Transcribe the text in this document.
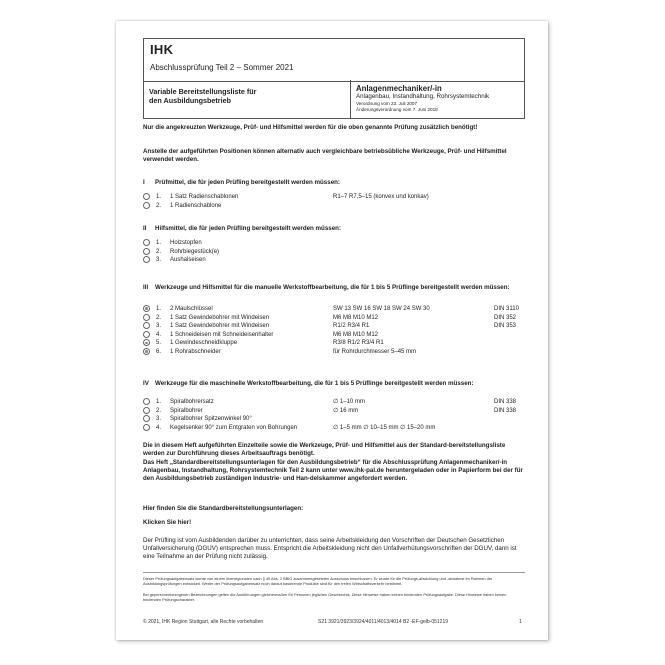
IHK
Abschlussprüfung Teil 2 – Sommer 2021
Variable Bereitstellungsliste für
den Ausbildungsbetrieb
Anlagenmechaniker/-in
Anlagenbau, Instandhaltung, Rohrsystemtechnik
Verordnung vom 23. Juli 2007
Änderungsverordnung vom 7. Juni 2018
Nur die angekreuzten Werkzeuge, Prüf- und Hilfsmittel werden für die oben genannte Prüfung zusätzlich benötigt!
Anstelle der aufgeführten Positionen können alternativ auch vergleichbare betriebsübliche Werkzeuge, Prüf- und Hilfsmittel verwendet werden.
I Prüfmittel, die für jeden Prüfling bereitgestellt werden müssen:
1. 1 Satz Radienschablonen	R1–7 R7,5–15 (konvex und konkav)
2. 1 Radienschablone
II Hilfsmittel, die für jeden Prüfling bereitgestellt werden müssen:
1. Holzstopfen
2. Rohrbiegestück(e)
3. Aushalseisen
III Werkzeuge und Hilfsmittel für die manuelle Werkstoffbearbeitung, die für 1 bis 5 Prüflinge bereitgestellt werden müssen:
1. 2 Maulschlüssel	SW 13 SW 16 SW 18 SW 24 SW 30	DIN 3110
2. 1 Satz Gewindebohrer mit Windeisen	M6 M8 M10 M12	DIN 352
3. 1 Satz Gewindebohrer mit Windeisen	R1/2 R3/4 R1	DIN 353
4. 1 Schneideisen mit Schneideisenhalter	M6 M8 M10 M12
5. 1 Gewindeschneidkluppe	R3/8 R1/2 R3/4 R1
6. 1 Rohrabschneider	für Rohrdurchmesser 5–45 mm
IV Werkzeuge für die maschinelle Werkstoffbearbeitung, die für 1 bis 5 Prüflinge bereitgestellt werden müssen:
1. Spiralbohrersatz	∅ 1–10 mm	DIN 338
2. Spiralbohrer	∅ 16 mm	DIN 338
3. Spiralbohrer Spitzenwinkel 90°
4. Kegelsenker 90° zum Entgraten von Bohrungen	∅ 1–5 mm ∅ 10–15 mm ∅ 15–20 mm
Die in diesem Heft aufgeführten Einzelteile sowie die Werkzeuge, Prüf- und Hilfsmittel aus der Standard-bereitstellungsliste werden zur Durchführung dieses Arbeitsauftrags benötigt.
Das Heft „Standardbereitstellungsunterlagen für den Ausbildungsbetrieb“ für die Abschlussprüfung Anlagenmechaniker/-in Anlagenbau, Instandhaltung, Rohrsystemtechnik Teil 2 kann unter www.ihk-pal.de heruntergeladen oder in Papierform bei der für den Ausbildungsbetrieb zuständigen Industrie- und Han-delskammer angefordert werden.
Hier finden Sie die Standardbereitstellungsunterlagen:
Klicken Sie hier!
Der Prüfling ist vom Ausbildenden darüber zu unterrichten, dass seine Arbeitskleidung den Vorschriften der Deutschen Gesetzlichen Unfallversicherung (DGUV) entsprechen muss. Entspricht die Arbeitskleidung nicht den Unfallverhütungsvorschriften der DGUV, dann ist eine Teilnahme an der Prüfung nicht zulässig.
Dieser Prüfungsaufgabensatz wurde von einem überregionalen nach § 40 Abs. 2 BBiG zusammengesetzten Ausschuss beschlossen. Er wurde für die Prüfungs-abwicklung und -abnahme im Rahmen der Ausbildungsprüfungen entwickelt. Weder der Prüfungsaufgabensatz noch darauf basierende Produkte sind für den freien Wirtschaftsverkehr bestimmt.
Bei gepersonenbezogenen Bezeichnungen gelten die Ausführungen gleichermaßen für Personen jeglichen Geschlechts. Diese Hinweise haben keinen bindenden Prüfungsaufgabe. Diese Hinweise haben keinen bindenden Prüfungscharakter.
© 2021, IHK Region Stuttgart, alle Rechte vorbehalten	S21 3921/3923/3924/4011/4013/4014 B2 -EF-gelb-051219	1
